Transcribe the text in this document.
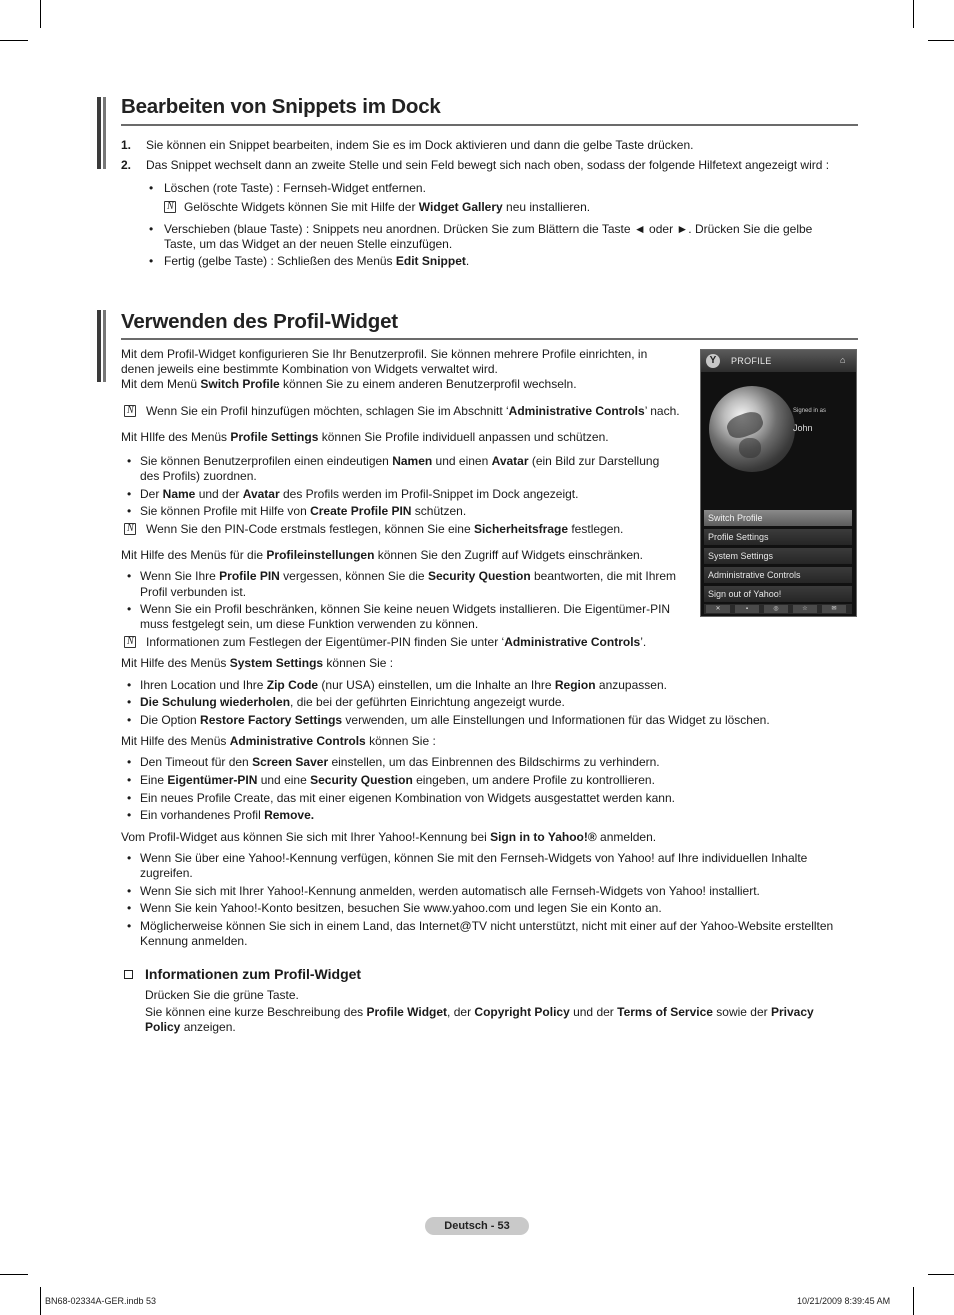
Bearbeiten von Snippets im Dock
1. Sie können ein Snippet bearbeiten, indem Sie es im Dock aktivieren und dann die gelbe Taste drücken.
2. Das Snippet wechselt dann an zweite Stelle und sein Feld bewegt sich nach oben, sodass der folgende Hilfetext angezeigt wird :
• Löschen (rote Taste) : Fernseh-Widget entfernen.
N
Gelöschte Widgets können Sie mit Hilfe der Widget Gallery neu installieren.
• Verschieben (blaue Taste) : Snippets neu anordnen. Drücken Sie zum Blättern die Taste ◄ oder ►. Drücken Sie die gelbe
Taste, um das Widget an der neuen Stelle einzufügen.
• Fertig (gelbe Taste) : Schließen des Menüs Edit Snippet.
Verwenden des Profil-Widget
Mit dem Profil-Widget konfigurieren Sie Ihr Benutzerprofil. Sie können mehrere Profile einrichten, in
denen jeweils eine bestimmte Kombination von Widgets verwaltet wird.
Mit dem Menü Switch Profile können Sie zu einem anderen Benutzerprofil wechseln.
N
Wenn Sie ein Profil hinzufügen möchten, schlagen Sie im Abschnitt ‘Administrative Controls’ nach.
Mit HIlfe des Menüs Profile Settings können Sie Profile individuell anpassen und schützen.
• Sie können Benutzerprofilen einen eindeutigen Namen und einen Avatar (ein Bild zur Darstellung
des Profils) zuordnen.
• Der Name und der Avatar des Profils werden im Profil-Snippet im Dock angezeigt.
• Sie können Profile mit Hilfe von Create Profile PIN schützen.
N
Wenn Sie den PIN-Code erstmals festlegen, können Sie eine Sicherheitsfrage festlegen.
Mit Hilfe des Menüs für die Profileinstellungen können Sie den Zugriff auf Widgets einschränken.
• Wenn Sie Ihre Profile PIN vergessen, können Sie die Security Question beantworten, die mit Ihrem
Profil verbunden ist.
• Wenn Sie ein Profil beschränken, können Sie keine neuen Widgets installieren. Die Eigentümer-PIN
muss festgelegt sein, um diese Funktion verwenden zu können.
N
Informationen zum Festlegen der Eigentümer-PIN finden Sie unter ‘Administrative Controls’.
Mit Hilfe des Menüs System Settings können Sie :
• Ihren Location und Ihre Zip Code (nur USA) einstellen, um die Inhalte an Ihre Region anzupassen.
• Die Schulung wiederholen, die bei der geführten Einrichtung angezeigt wurde.
• Die Option Restore Factory Settings verwenden, um alle Einstellungen und Informationen für das Widget zu löschen.
Mit Hilfe des Menüs Administrative Controls können Sie :
• Den Timeout für den Screen Saver einstellen, um das Einbrennen des Bildschirms zu verhindern.
• Eine Eigentümer-PIN und eine Security Question eingeben, um andere Profile zu kontrollieren.
• Ein neues Profile Create, das mit einer eigenen Kombination von Widgets ausgestattet werden kann.
• Ein vorhandenes Profil Remove.
Vom Profil-Widget aus können Sie sich mit Ihrer Yahoo!-Kennung bei Sign in to Yahoo!® anmelden.
• Wenn Sie über eine Yahoo!-Kennung verfügen, können Sie mit den Fernseh-Widgets von Yahoo! auf Ihre individuellen Inhalte
zugreifen.
• Wenn Sie sich mit Ihrer Yahoo!-Kennung anmelden, werden automatisch alle Fernseh-Widgets von Yahoo! installiert.
• Wenn Sie kein Yahoo!-Konto besitzen, besuchen Sie www.yahoo.com und legen Sie ein Konto an.
• Möglicherweise können Sie sich in einem Land, das Internet@TV nicht unterstützt, nicht mit einer auf der Yahoo-Website erstellten
Kennung anmelden.
Informationen zum Profil-Widget
Drücken Sie die grüne Taste.
Sie können eine kurze Beschreibung des Profile Widget, der Copyright Policy und der Terms of Service sowie der Privacy
Policy anzeigen.
Y	PROFILE	⌂
Signed in as
John
Switch Profile
Profile Settings
System Settings
Administrative Controls
Sign out of Yahoo!
✕	▪	◎	☆	✉
Deutsch - 53
BN68-02334A-GER.indb 53	10/21/2009 8:39:45 AM
